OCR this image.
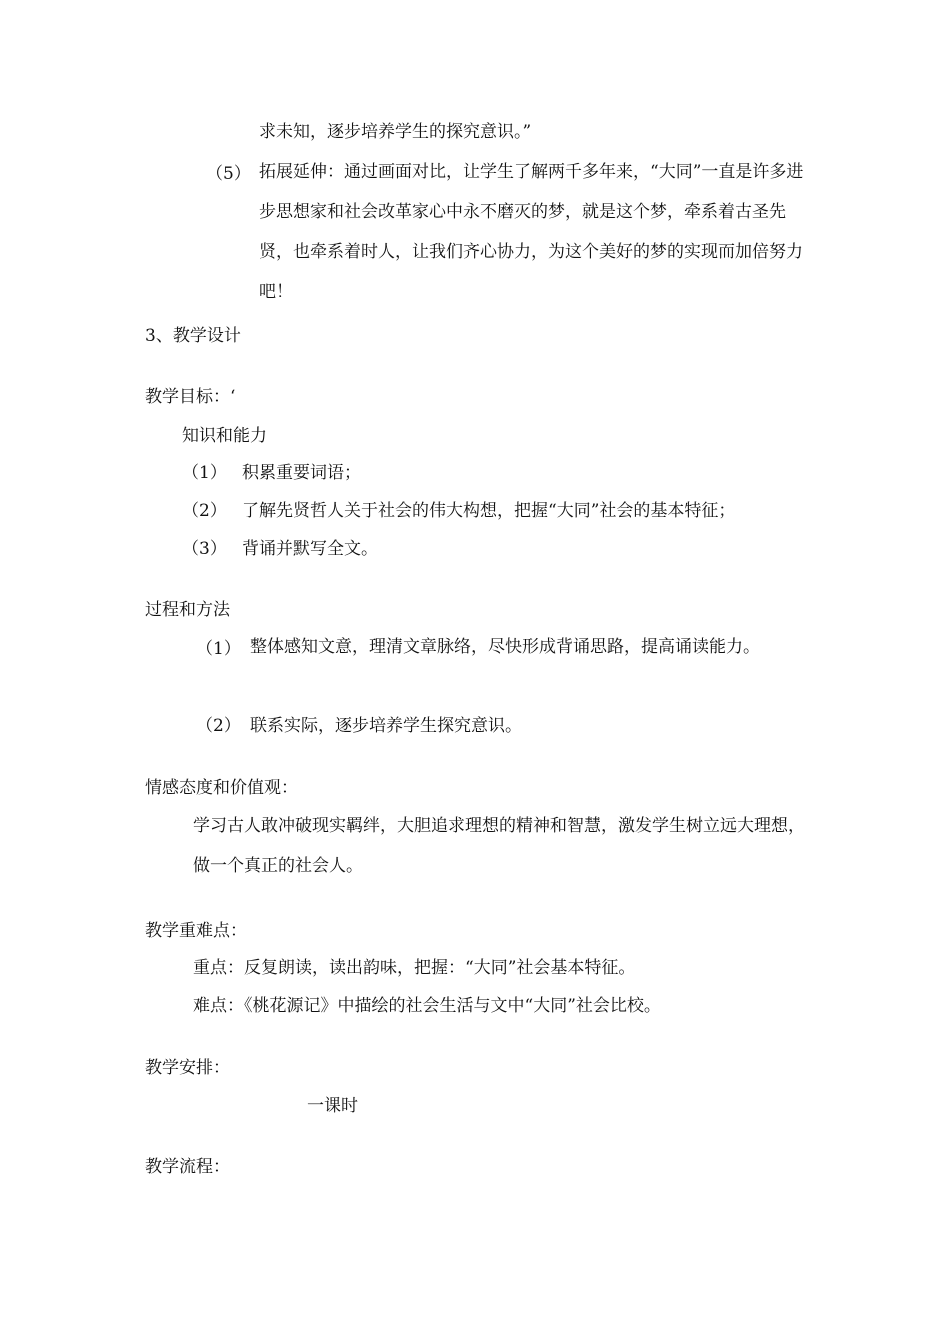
求未知，逐步培养学生的探究意识。”
（5） 拓展延伸：通过画面对比，让学生了解两千多年来，“大同”一直是许多进步思想家和社会改革家心中永不磨灭的梦，就是这个梦，牵系着古圣先贤，也牵系着时人，让我们齐心协力，为这个美好的梦的实现而加倍努力吧！
3、教学设计
教学目标：‘
知识和能力
（1） 积累重要词语；
（2） 了解先贤哲人关于社会的伟大构想，把握“大同”社会的基本特征；
（3） 背诵并默写全文。
过程和方法
（1） 整体感知文意，理清文章脉络，尽快形成背诵思路，提高诵读能力。
（2） 联系实际，逐步培养学生探究意识。
情感态度和价值观：
学习古人敢冲破现实羁绊，大胆追求理想的精神和智慧，激发学生树立远大理想，做一个真正的社会人。
教学重难点：
重点：反复朗读，读出韵味，把握：“大同”社会基本特征。
难点：《桃花源记》中描绘的社会生活与文中“大同”社会比校。
教学安排：
一课时
教学流程：
